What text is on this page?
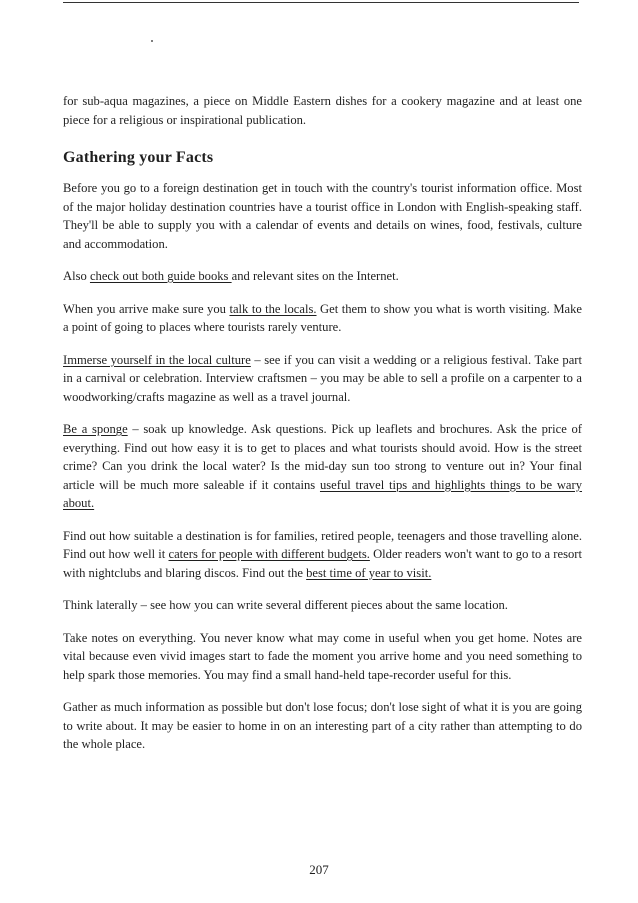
for sub-aqua magazines, a piece on Middle Eastern dishes for a cookery magazine and at least one piece for a religious or inspirational publication.

Gathering your Facts

Before you go to a foreign destination get in touch with the country's tourist information office. Most of the major holiday destination countries have a tourist office in London with English-speaking staff. They'll be able to supply you with a calendar of events and details on wines, food, festivals, culture and accommodation.

Also check out both guide books and relevant sites on the Internet.

When you arrive make sure you talk to the locals. Get them to show you what is worth visiting. Make a point of going to places where tourists rarely venture.

Immerse yourself in the local culture – see if you can visit a wedding or a religious festival. Take part in a carnival or celebration. Interview craftsmen – you may be able to sell a profile on a carpenter to a woodworking/crafts magazine as well as a travel journal.

Be a sponge – soak up knowledge. Ask questions. Pick up leaflets and brochures. Ask the price of everything. Find out how easy it is to get to places and what tourists should avoid. How is the street crime? Can you drink the local water? Is the mid-day sun too strong to venture out in? Your final article will be much more saleable if it contains useful travel tips and highlights things to be wary about.

Find out how suitable a destination is for families, retired people, teenagers and those travelling alone. Find out how well it caters for people with different budgets. Older readers won't want to go to a resort with nightclubs and blaring discos. Find out the best time of year to visit.

Think laterally – see how you can write several different pieces about the same location.

Take notes on everything. You never know what may come in useful when you get home. Notes are vital because even vivid images start to fade the moment you arrive home and you need something to help spark those memories. You may find a small hand-held tape-recorder useful for this.

Gather as much information as possible but don't lose focus; don't lose sight of what it is you are going to write about. It may be easier to home in on an interesting part of a city rather than attempting to do the whole place.

207
